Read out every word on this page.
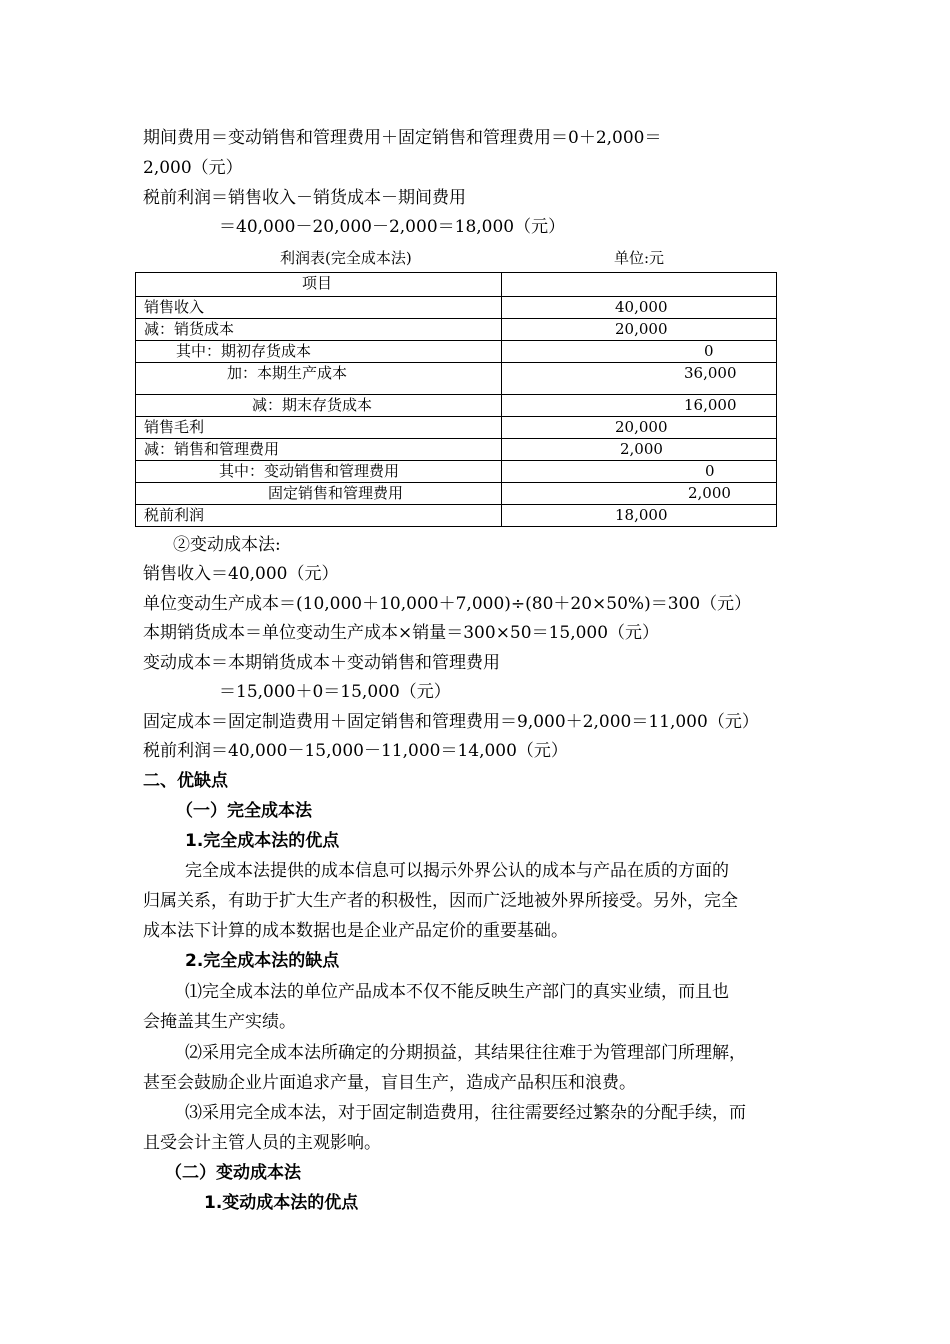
期间费用＝变动销售和管理费用＋固定销售和管理费用＝0＋2,000＝
2,000（元）
税前利润＝销售收入－销货成本－期间费用
＝40,000－20,000－2,000＝18,000（元）
利润表(完全成本法)	单位:元
项目	
销售收入	40,000
减：销货成本	20,000
其中：期初存货成本	0
加：本期生产成本	36,000
减：期末存货成本	16,000
销售毛利	20,000
减：销售和管理费用	2,000
其中：变动销售和管理费用	0
固定销售和管理费用	2,000
税前利润	18,000
②变动成本法:
销售收入＝40,000（元）
单位变动生产成本＝(10,000＋10,000＋7,000)÷(80＋20×50%)＝300（元）
本期销货成本＝单位变动生产成本×销量＝300×50＝15,000（元）
变动成本＝本期销货成本＋变动销售和管理费用
＝15,000＋0＝15,000（元）
固定成本＝固定制造费用＋固定销售和管理费用＝9,000＋2,000＝11,000（元）
税前利润＝40,000－15,000－11,000＝14,000（元）
二、优缺点
（一）完全成本法
1.完全成本法的优点
完全成本法提供的成本信息可以揭示外界公认的成本与产品在质的方面的
归属关系，有助于扩大生产者的积极性，因而广泛地被外界所接受。另外，完全
成本法下计算的成本数据也是企业产品定价的重要基础。
2.完全成本法的缺点
⑴完全成本法的单位产品成本不仅不能反映生产部门的真实业绩，而且也
会掩盖其生产实绩。
⑵采用完全成本法所确定的分期损益，其结果往往难于为管理部门所理解，
甚至会鼓励企业片面追求产量，盲目生产，造成产品积压和浪费。
⑶采用完全成本法，对于固定制造费用，往往需要经过繁杂的分配手续，而
且受会计主管人员的主观影响。
（二）变动成本法
1.变动成本法的优点
